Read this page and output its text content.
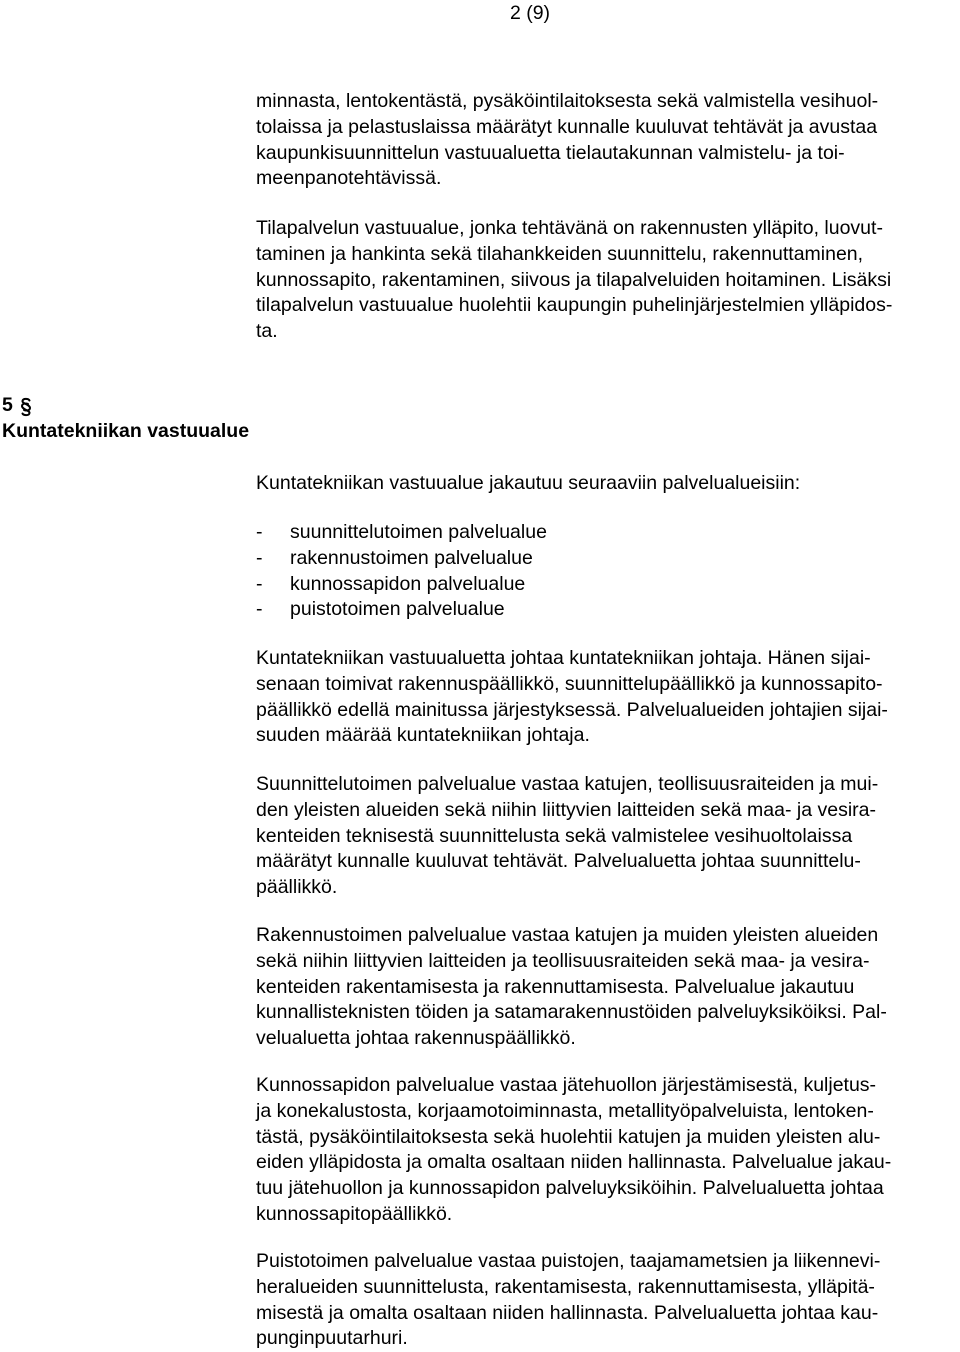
2 (9)
minnasta, lentokentästä, pysäköintilaitoksesta sekä valmistella vesihuol-
tolaissa ja pelastuslaissa määrätyt kunnalle kuuluvat tehtävät ja avustaa
kaupunkisuunnittelun vastuualuetta tielautakunnan valmistelu- ja toi-
meenpanotehtävissä.
Tilapalvelun vastuualue, jonka tehtävänä on rakennusten ylläpito, luovut-
taminen ja hankinta sekä tilahankkeiden suunnittelu, rakennuttaminen,
kunnossapito, rakentaminen, siivous ja tilapalveluiden hoitaminen. Lisäksi
tilapalvelun vastuualue huolehtii kaupungin puhelinjärjestelmien ylläpidos-
ta.
5
Kuntatekniikan vastuualue
Kuntatekniikan vastuualue jakautuu seuraaviin palvelualueisiin:
- suunnittelutoimen palvelualue
- rakennustoimen palvelualue
- kunnossapidon palvelualue
- puistotoimen palvelualue
Kuntatekniikan vastuualuetta johtaa kuntatekniikan johtaja. Hänen sijai-
senaan toimivat rakennuspäällikkö, suunnittelupäällikkö ja kunnossapito-
päällikkö edellä mainitussa järjestyksessä. Palvelualueiden johtajien sijai-
suuden määrää kuntatekniikan johtaja.
Suunnittelutoimen palvelualue vastaa katujen, teollisuusraiteiden ja mui-
den yleisten alueiden sekä niihin liittyvien laitteiden sekä maa- ja vesira-
kenteiden teknisestä suunnittelusta sekä valmistelee vesihuoltolaissa
määrätyt kunnalle kuuluvat tehtävät. Palvelualuetta johtaa suunnittelu-
päällikkö.
Rakennustoimen palvelualue vastaa katujen ja muiden yleisten alueiden
sekä niihin liittyvien laitteiden ja teollisuusraiteiden sekä maa- ja vesira-
kenteiden rakentamisesta ja rakennuttamisesta. Palvelualue jakautuu
kunnallisteknisten töiden ja satamarakennustöiden palveluyksiköiksi. Pal-
velualuetta johtaa rakennuspäällikkö.
Kunnossapidon palvelualue vastaa jätehuollon järjestämisestä, kuljetus-
ja konekalustosta, korjaamotoiminnasta, metallityöpalveluista, lentoken-
tästä, pysäköintilaitoksesta sekä huolehtii katujen ja muiden yleisten alu-
eiden ylläpidosta ja omalta osaltaan niiden hallinnasta. Palvelualue jakau-
tuu jätehuollon ja kunnossapidon palveluyksiköihin. Palvelualuetta johtaa
kunnossapitopäällikkö.
Puistotoimen palvelualue vastaa puistojen, taajamametsien ja liikennevi-
heralueiden suunnittelusta, rakentamisesta, rakennuttamisesta, ylläpitä-
misestä ja omalta osaltaan niiden hallinnasta. Palvelualuetta johtaa kau-
punginpuutarhuri.
